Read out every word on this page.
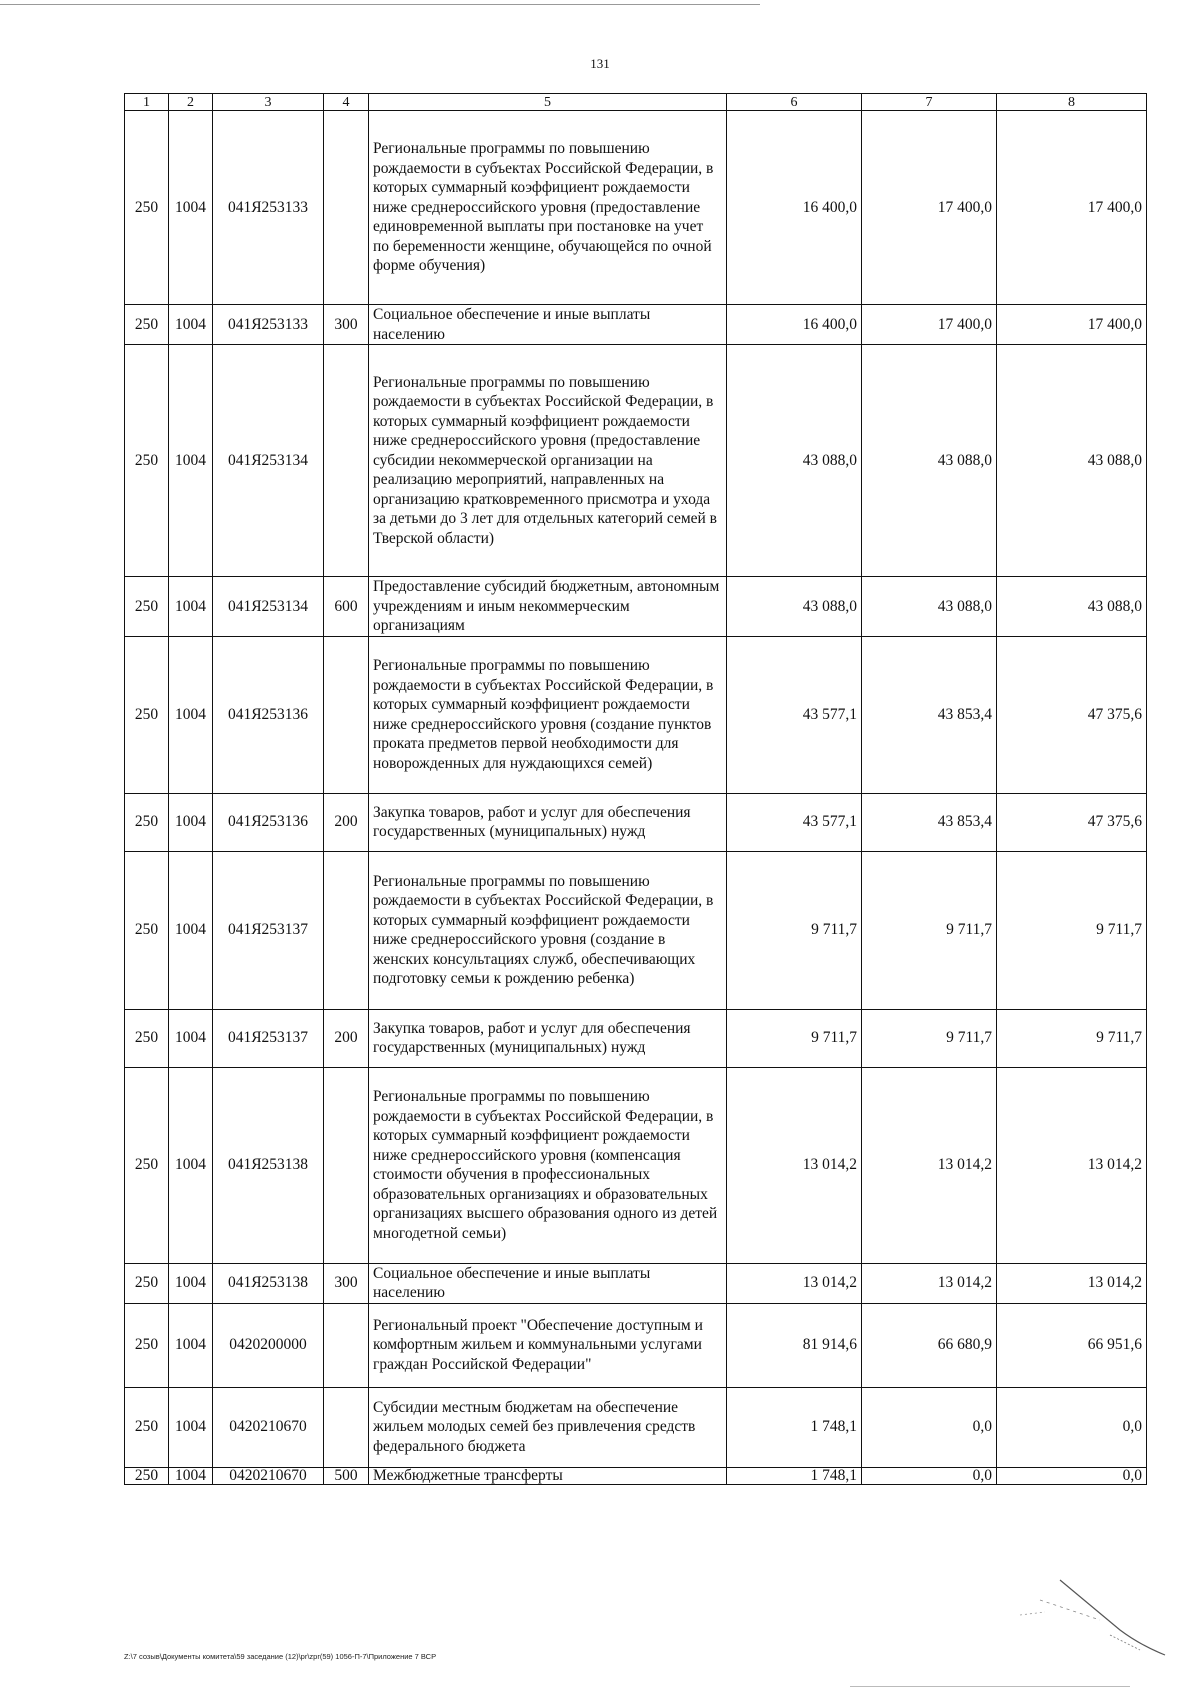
131
1	2	3	4	5	6	7	8
250	1004	041Я253133		Региональные программы по повышению рождаемости в субъектах Российской Федерации, в которых суммарный коэффициент рождаемости ниже среднероссийского уровня (предоставление единовременной выплаты при постановке на учет по беременности женщине, обучающейся по очной форме обучения)	16 400,0	17 400,0	17 400,0
250	1004	041Я253133	300	Социальное обеспечение и иные выплаты населению	16 400,0	17 400,0	17 400,0
250	1004	041Я253134		Региональные программы по повышению рождаемости в субъектах Российской Федерации, в которых суммарный коэффициент рождаемости ниже среднероссийского уровня (предоставление субсидии некоммерческой организации на реализацию мероприятий, направленных на организацию кратковременного присмотра и ухода за детьми до 3 лет для отдельных категорий семей в Тверской области)	43 088,0	43 088,0	43 088,0
250	1004	041Я253134	600	Предоставление субсидий бюджетным, автономным учреждениям и иным некоммерческим организациям	43 088,0	43 088,0	43 088,0
250	1004	041Я253136		Региональные программы по повышению рождаемости в субъектах Российской Федерации, в которых суммарный коэффициент рождаемости ниже среднероссийского уровня (создание пунктов проката предметов первой необходимости для новорожденных для нуждающихся семей)	43 577,1	43 853,4	47 375,6
250	1004	041Я253136	200	Закупка товаров, работ и услуг для обеспечения государственных (муниципальных) нужд	43 577,1	43 853,4	47 375,6
250	1004	041Я253137		Региональные программы по повышению рождаемости в субъектах Российской Федерации, в которых суммарный коэффициент рождаемости ниже среднероссийского уровня (создание в женских консультациях служб, обеспечивающих подготовку семьи к рождению ребенка)	9 711,7	9 711,7	9 711,7
250	1004	041Я253137	200	Закупка товаров, работ и услуг для обеспечения государственных (муниципальных) нужд	9 711,7	9 711,7	9 711,7
250	1004	041Я253138		Региональные программы по повышению рождаемости в субъектах Российской Федерации, в которых суммарный коэффициент рождаемости ниже среднероссийского уровня (компенсация стоимости обучения в профессиональных образовательных организациях и образовательных организациях высшего образования одного из детей многодетной семьи)	13 014,2	13 014,2	13 014,2
250	1004	041Я253138	300	Социальное обеспечение и иные выплаты населению	13 014,2	13 014,2	13 014,2
250	1004	0420200000		Региональный проект "Обеспечение доступным и комфортным жильем и коммунальными услугами граждан Российской Федерации"	81 914,6	66 680,9	66 951,6
250	1004	0420210670		Субсидии местным бюджетам на обеспечение жильем молодых семей без привлечения средств федерального бюджета	1 748,1	0,0	0,0
250	1004	0420210670	500	Межбюджетные трансферты	1 748,1	0,0	0,0
Z:\7 созыв\Документы комитета\59 заседание (12)\pr\zpr(59) 1056-П-7\Приложение 7 ВСР
